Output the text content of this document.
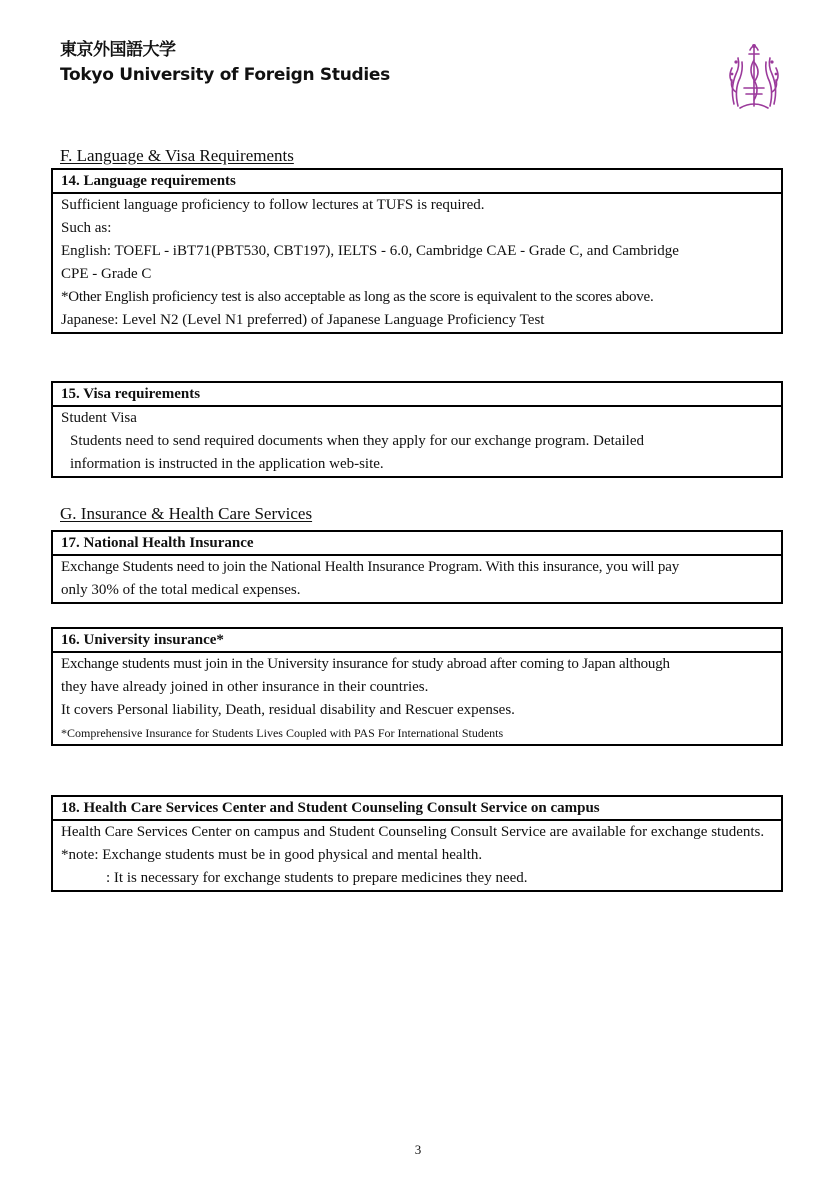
東京外国語大学
Tokyo University of Foreign Studies
F. Language & Visa Requirements
14. Language requirements
Sufficient language proficiency to follow lectures at TUFS is required.
Such as:
English: TOEFL - iBT71(PBT530, CBT197), IELTS - 6.0, Cambridge CAE - Grade C, and Cambridge
CPE - Grade C
*Other English proficiency test is also acceptable as long as the score is equivalent to the scores above.
Japanese: Level N2 (Level N1 preferred) of Japanese Language Proficiency Test
15. Visa requirements
Student Visa
Students need to send required documents when they apply for our exchange program. Detailed
information is instructed in the application web-site.
G. Insurance & Health Care Services
17. National Health Insurance
Exchange Students need to join the National Health Insurance Program. With this insurance, you will pay
only 30% of the total medical expenses.
16. University insurance*
Exchange students must join in the University insurance for study abroad after coming to Japan although
they have already joined in other insurance in their countries.
It covers Personal liability, Death, residual disability and Rescuer expenses.
*Comprehensive Insurance for Students Lives Coupled with PAS For International Students
18. Health Care Services Center and Student Counseling Consult Service on campus
Health Care Services Center on campus and Student Counseling Consult Service are available for exchange students.
*note: Exchange students must be in good physical and mental health.
: It is necessary for exchange students to prepare medicines they need.
3
